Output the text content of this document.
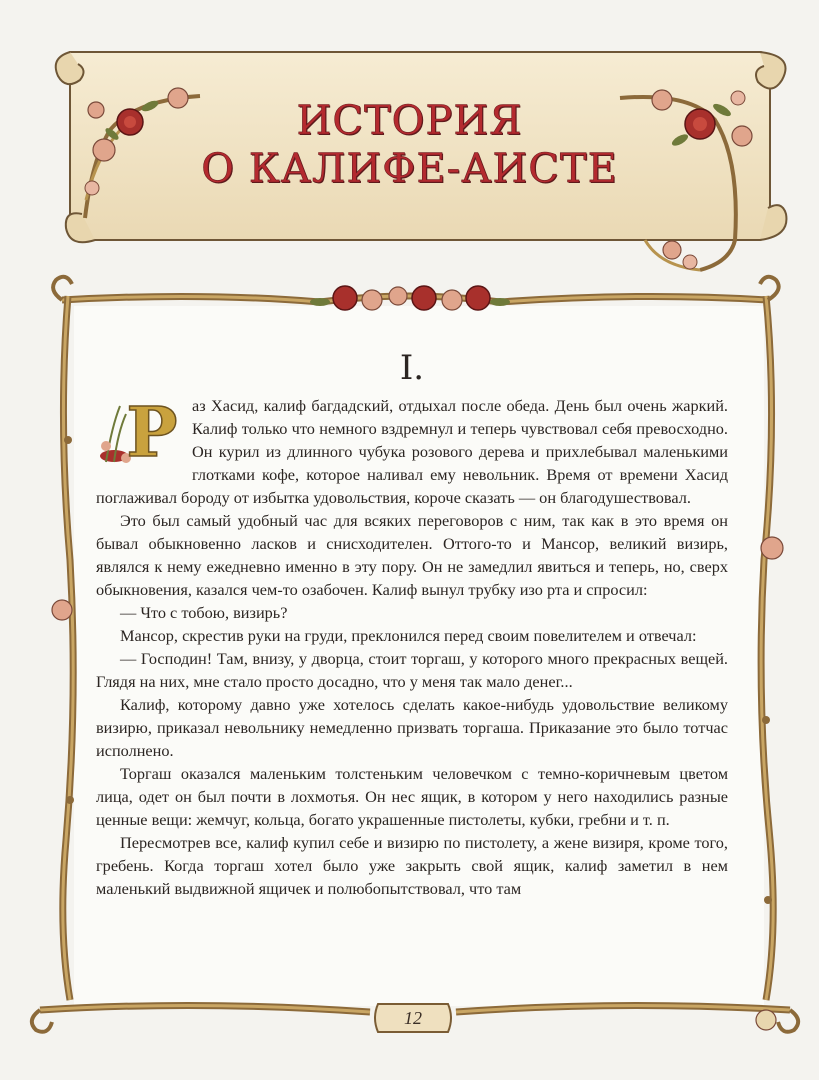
ИСТОРИЯ
О КАЛИФЕ-АИСТЕ
12
I.
Р аз Хасид, калиф багдадский, отдыхал после обеда. День был очень жаркий. Калиф только что немного вздремнул и теперь чувствовал себя превосходно. Он курил из длинного чубука розового дерева и прихлебывал маленькими глотками кофе, которое наливал ему невольник. Время от времени Хасид поглаживал бороду от избытка удовольствия, короче сказать — он благодушествовал.

Это был самый удобный час для всяких переговоров с ним, так как в это время он бывал обыкновенно ласков и снисходителен. Оттого-то и Мансор, великий визирь, являлся к нему ежедневно именно в эту пору. Он не замедлил явиться и теперь, но, сверх обыкновения, казался чем-то озабочен. Калиф вынул трубку изо рта и спросил:

— Что с тобою, визирь?

Мансор, скрестив руки на груди, преклонился перед своим повелителем и отвечал:

— Господин! Там, внизу, у дворца, стоит торгаш, у которого много прекрасных вещей. Глядя на них, мне стало просто досадно, что у меня так мало денег...

Калиф, которому давно уже хотелось сделать какое-нибудь удовольствие великому визирю, приказал невольнику немедленно призвать торгаша. Приказание это было тотчас исполнено.

Торгаш оказался маленьким толстеньким человечком с темно-коричневым цветом лица, одет он был почти в лохмотья. Он нес ящик, в котором у него находились разные ценные вещи: жемчуг, кольца, богато украшенные пистолеты, кубки, гребни и т. п.

Пересмотрев все, калиф купил себе и визирю по пистолету, а жене визиря, кроме того, гребень. Когда торгаш хотел было уже закрыть свой ящик, калиф заметил в нем маленький выдвижной ящичек и полюбопытствовал, что там
